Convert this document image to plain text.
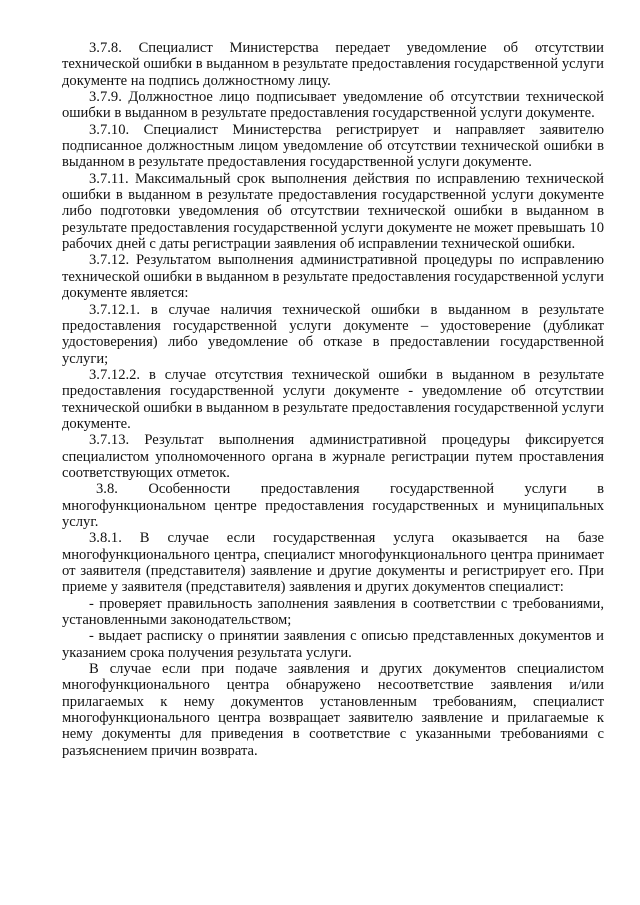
3.7.8. Специалист Министерства передает уведомление об отсутствии технической ошибки в выданном в результате предоставления государственной услуги документе на подпись должностному лицу.

3.7.9. Должностное лицо подписывает уведомление об отсутствии технической ошибки в выданном в результате предоставления государственной услуги документе.

3.7.10. Специалист Министерства регистрирует и направляет заявителю подписанное должностным лицом уведомление об отсутствии технической ошибки в выданном в результате предоставления государственной услуги документе.

3.7.11. Максимальный срок выполнения действия по исправлению технической ошибки в выданном в результате предоставления государственной услуги документе либо подготовки уведомления об отсутствии технической ошибки в выданном в результате предоставления государственной услуги документе не может превышать 10 рабочих дней с даты регистрации заявления об исправлении технической ошибки.

3.7.12. Результатом выполнения административной процедуры по исправлению технической ошибки в выданном в результате предоставления государственной услуги документе является:

3.7.12.1. в случае наличия технической ошибки в выданном в результате предоставления государственной услуги документе – удостоверение (дубликат удостоверения) либо уведомление об отказе в предоставлении государственной услуги;

3.7.12.2. в случае отсутствия технической ошибки в выданном в результате предоставления государственной услуги документе - уведомление об отсутствии технической ошибки в выданном в результате предоставления государственной услуги документе.

3.7.13. Результат выполнения административной процедуры фиксируется специалистом уполномоченного органа в журнале регистрации путем проставления соответствующих отметок.

3.8. Особенности предоставления государственной услуги в многофункциональном центре предоставления государственных и муниципальных услуг.

3.8.1. В случае если государственная услуга оказывается на базе многофункционального центра, специалист многофункционального центра принимает от заявителя (представителя) заявление и другие документы и регистрирует его. При приеме у заявителя (представителя) заявления и других документов специалист:

- проверяет правильность заполнения заявления в соответствии с требованиями, установленными законодательством;

- выдает расписку о принятии заявления с описью представленных документов и указанием срока получения результата услуги.

В случае если при подаче заявления и других документов специалистом многофункционального центра обнаружено несоответствие заявления и/или прилагаемых к нему документов установленным требованиям, специалист многофункционального центра возвращает заявителю заявление и прилагаемые к нему документы для приведения в соответствие с указанными требованиями с разъяснением причин возврата.
